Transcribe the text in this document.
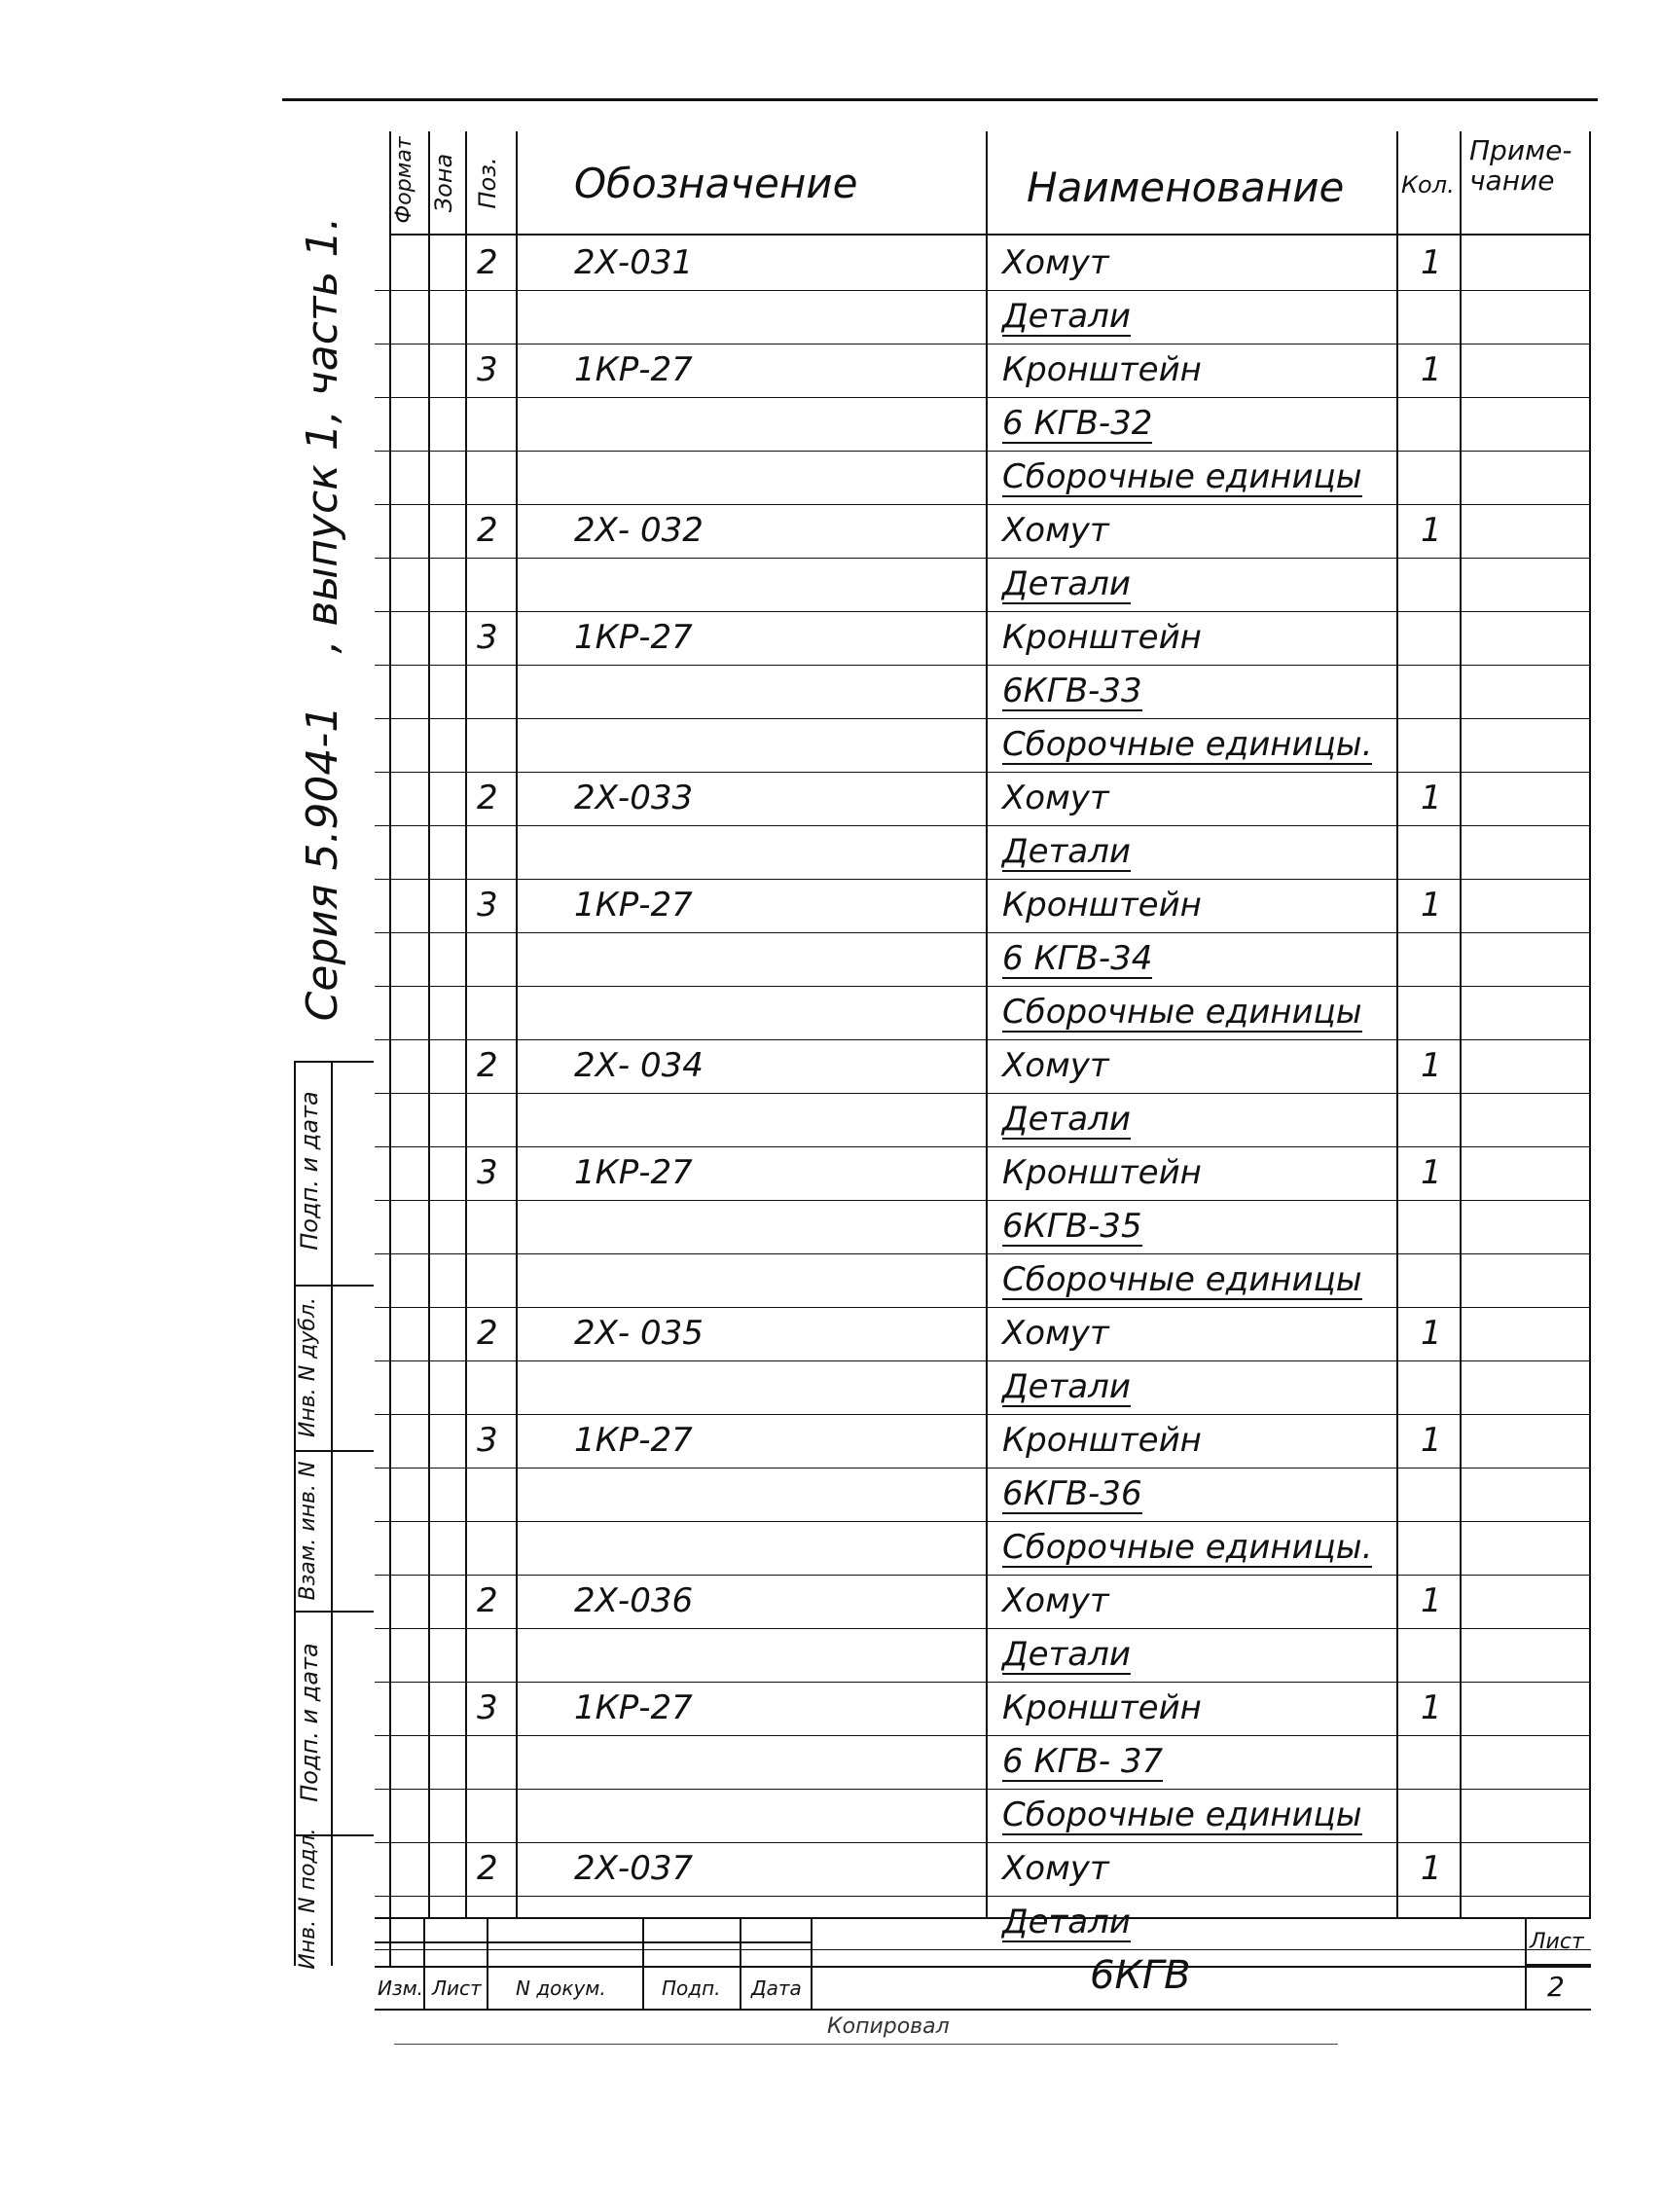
Серия 5.904-1
, выпуск 1, часть 1.
Подп. и дата
Инв. N дубл.
Взам. инв. N
Подп. и дата
Инв. N подл.
Формат Зона Поз. Обозначение	Наименование Кол.
Приме-
чание
2 2Х-031	Хомут	1
Детали
3 1КР-27	Кронштейн	1
6 КГВ-32
Сборочные единицы
2 2Х- 032	Хомут	1
Детали
3 1КР-27	Кронштейн
6КГВ-33
Сборочные единицы.
2 2Х-033	Хомут	1
Детали
3 1КР-27	Кронштейн	1
6 КГВ-34
Сборочные единицы
2 2Х- 034	Хомут	1
Детали
3 1КР-27	Кронштейн	1
6КГВ-35
Сборочные единицы
2 2Х- 035	Хомут	1
Детали
3 1КР-27	Кронштейн	1
6КГВ-36
Сборочные единицы.
2 2Х-036	Хомут	1
Детали
3 1КР-27	Кронштейн	1
6 КГВ- 37
Сборочные единицы
2 2Х-037	Хомут	1
Детали
Изм. Лист N докум.	Подп. Дата	6КГВ
Лист
2
Копировал
